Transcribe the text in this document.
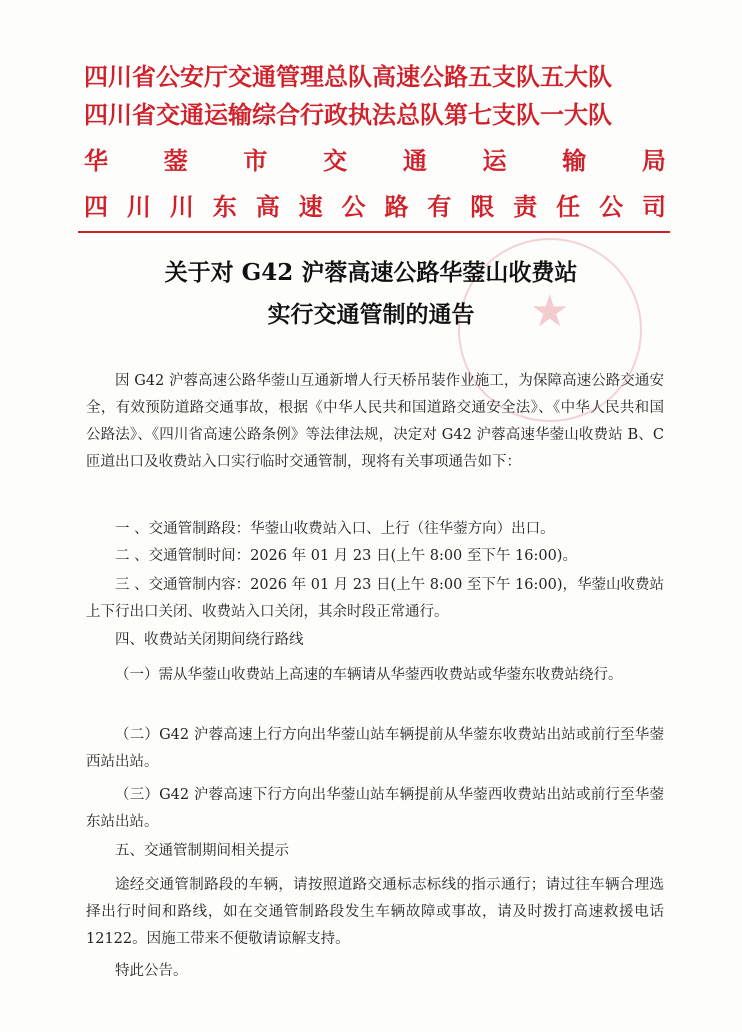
四川省公安厅交通管理总队高速公路五支队五大队
四川省交通运输综合行政执法总队第七支队一大队
华 蓥 市 交 通 运 输 局
四 川 川 东 高 速 公 路 有 限 责 任 公 司
★
关于对 G42 沪蓉高速公路华蓥山收费站
实行交通管制的通告
因 G42 沪蓉高速公路华蓥山互通新增人行天桥吊装作业施工，为保障高速公路交通安全，有效预防道路交通事故，根据《中华人民共和国道路交通安全法》、《中华人民共和国公路法》、《四川省高速公路条例》等法律法规，决定对 G42 沪蓉高速华蓥山收费站 B、C 匝道出口及收费站入口实行临时交通管制，现将有关事项通告如下：
一 、交通管制路段：华蓥山收费站入口、上行（往华蓥方向）出口。
二 、交通管制时间：2026 年 01 月 23 日(上午 8:00 至下午 16:00)。
三 、交通管制内容：2026 年 01 月 23 日(上午 8:00 至下午 16:00)，华蓥山收费站上下行出口关闭、收费站入口关闭，其余时段正常通行。
四、收费站关闭期间绕行路线
（一）需从华蓥山收费站上高速的车辆请从华蓥西收费站或华蓥东收费站绕行。
（二）G42 沪蓉高速上行方向出华蓥山站车辆提前从华蓥东收费站出站或前行至华蓥西站出站。
（三）G42 沪蓉高速下行方向出华蓥山站车辆提前从华蓥西收费站出站或前行至华蓥东站出站。
五、交通管制期间相关提示
途经交通管制路段的车辆，请按照道路交通标志标线的指示通行；请过往车辆合理选择出行时间和路线，如在交通管制路段发生车辆故障或事故，请及时拨打高速救援电话 12122。因施工带来不便敬请谅解支持。
特此公告。
